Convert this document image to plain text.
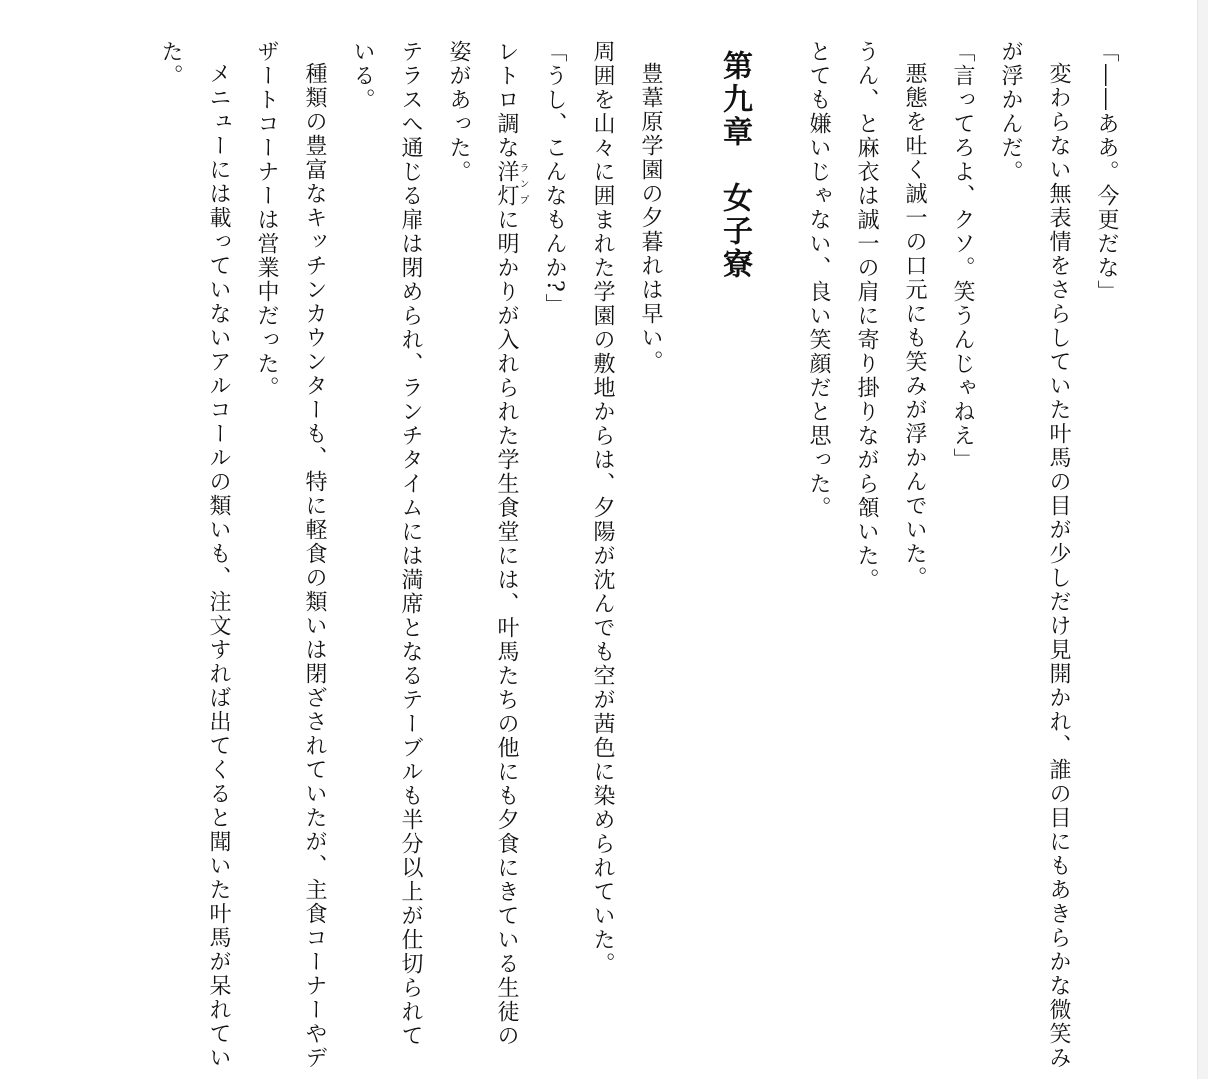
「――ああ。今更だな」

変わらない無表情をさらしていた叶馬の目が少しだけ見開かれ、誰の目にもあきらかな微笑みが浮かんだ。

「言ってろよ、クソ。笑うんじゃねえ」

悪態を吐く誠一の口元にも笑みが浮かんでいた。

うん、と麻衣は誠一の肩に寄り掛りながら頷いた。

とても嫌いじゃない、良い笑顔だと思った。

第九章　女子寮

豊葦原学園の夕暮れは早い。

周囲を山々に囲まれた学園の敷地からは、夕陽が沈んでも空が茜色に染められていた。

「うし、こんなもんか?」

レトロ調な洋灯ランプに明かりが入れられた学生食堂には、叶馬たちの他にも夕食にきている生徒の姿があった。

テラスへ通じる扉は閉められ、ランチタイムには満席となるテーブルも半分以上が仕切られている。

種類の豊富なキッチンカウンターも、特に軽食の類いは閉ざされていたが、主食コーナーやデザートコーナーは営業中だった。

メニューには載っていないアルコールの類いも、注文すれば出てくると聞いた叶馬が呆れていた。
